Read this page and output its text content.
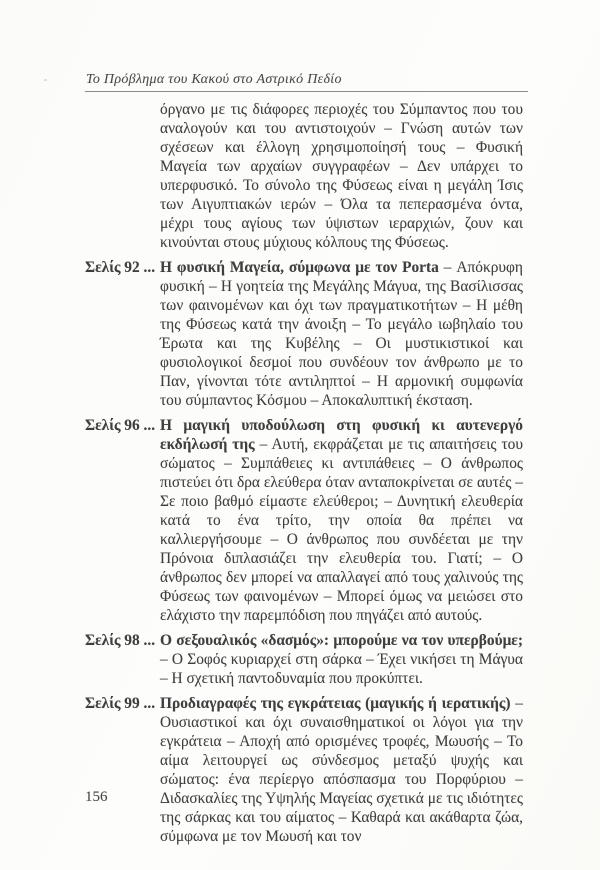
Το Πρόβλημα του Κακού στο Αστρικό Πεδίο

όργανο με τις διάφορες περιοχές του Σύμπαντος που του αναλογούν και του αντιστοιχούν – Γνώση αυτών των σχέσεων και έλλογη χρησιμοποίησή τους – Φυσική Μαγεία των αρχαίων συγγραφέων – Δεν υπάρχει το υπερφυσικό. Το σύνολο της Φύσεως είναι η μεγάλη Ίσις των Αιγυπτιακών ιερών – Όλα τα πεπερασμένα όντα, μέχρι τους αγίους των ύψιστων ιεραρχιών, ζουν και κινούνται στους μύχιους κόλπους της Φύσεως.

Σελίς 92 ... Η φυσική Μαγεία, σύμφωνα με τον Porta – Απόκρυφη φυσική – Η γοητεία της Μεγάλης Μάγυα, της Βασίλισσας των φαινομένων και όχι των πραγματικοτήτων – Η μέθη της Φύσεως κατά την άνοιξη – Το μεγάλο ιωβηλαίο του Έρωτα και της Κυβέλης – Οι μυστικιστικοί και φυσιολογικοί δεσμοί που συνδέουν τον άνθρωπο με το Παν, γίνονται τότε αντιληπτοί – Η αρμονική συμφωνία του σύμπαντος Κόσμου – Αποκαλυπτική έκσταση.

Σελίς 96 ... Η μαγική υποδούλωση στη φυσική κι αυτενεργό εκδήλωσή της – Αυτή, εκφράζεται με τις απαιτήσεις του σώματος – Συμπάθειες κι αντιπάθειες – Ο άνθρωπος πιστεύει ότι δρα ελεύθερα όταν ανταποκρίνεται σε αυτές – Σε ποιο βαθμό είμαστε ελεύθεροι; – Δυνητική ελευθερία κατά το ένα τρίτο, την οποία θα πρέπει να καλλιεργήσουμε – Ο άνθρωπος που συνδέεται με την Πρόνοια διπλασιάζει την ελευθερία του. Γιατί; – Ο άνθρωπος δεν μπορεί να απαλλαγεί από τους χαλινούς της Φύσεως των φαινομένων – Μπορεί όμως να μειώσει στο ελάχιστο την παρεμπόδιση που πηγάζει από αυτούς.

Σελίς 98 ... Ο σεξουαλικός «δασμός»: μπορούμε να τον υπερβούμε; – Ο Σοφός κυριαρχεί στη σάρκα – Έχει νικήσει τη Μάγυα – Η σχετική παντοδυναμία που προκύπτει.

Σελίς 99 ... Προδιαγραφές της εγκράτειας (μαγικής ή ιερατικής) – Ουσιαστικοί και όχι συναισθηματικοί οι λόγοι για την εγκράτεια – Αποχή από ορισμένες τροφές, Μωυσής – Το αίμα λειτουργεί ως σύνδεσμος μεταξύ ψυχής και σώματος: ένα περίεργο απόσπασμα του Πορφύριου – Διδασκαλίες της Υψηλής Μαγείας σχετικά με τις ιδιότητες της σάρκας και του αίματος – Καθαρά και ακάθαρτα ζώα, σύμφωνα με τον Μωυσή και τον

156
